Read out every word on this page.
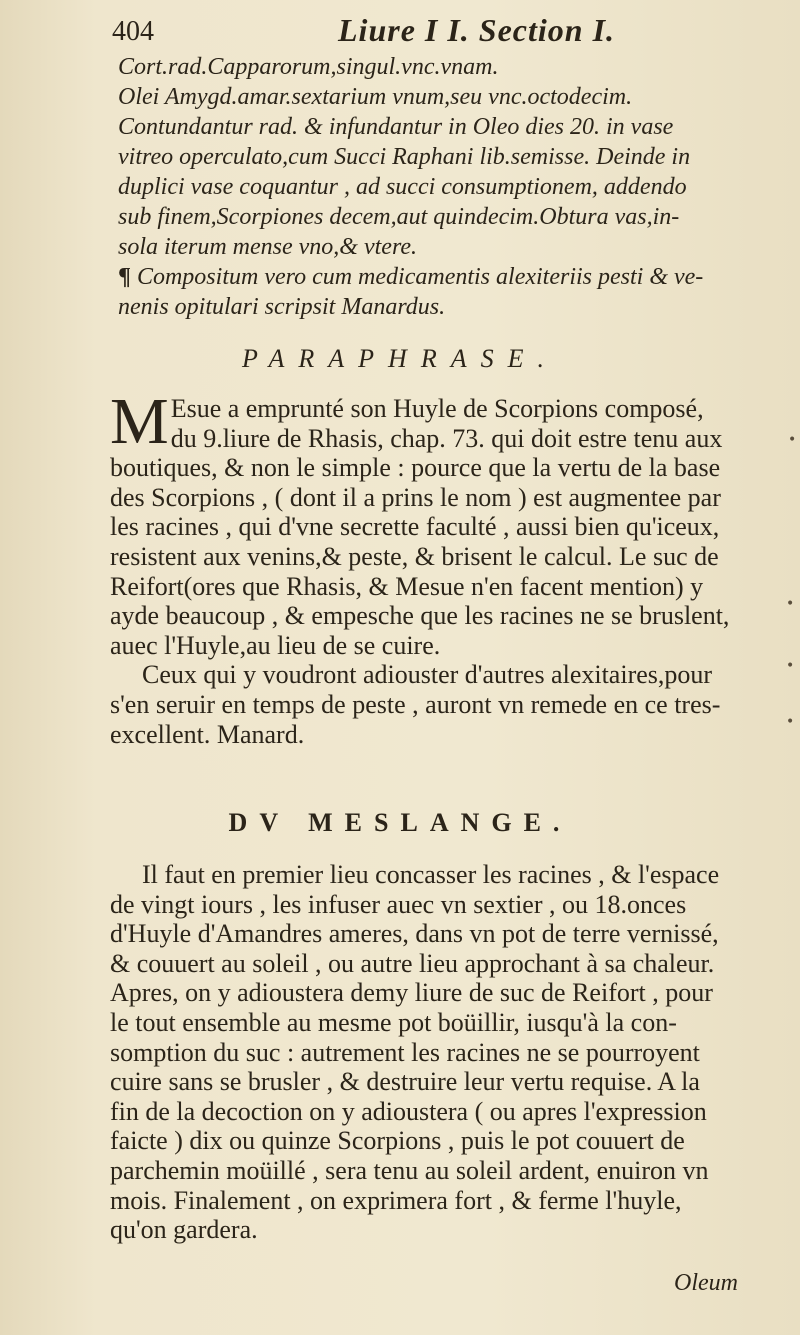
404	Liure I I. Section I.
Cort.rad.Capparorum,singul.vnc.vnam.
Olei Amygd.amar.sextarium vnum,seu vnc.octodecim.
Contundantur rad. & infundantur in Oleo dies 20. in vase
vitreo operculato,cum Succi Raphani lib.semisse. Deinde in
duplici vase coquantur , ad succi consumptionem, addendo
sub finem,Scorpiones decem,aut quindecim.Obtura vas,in-
sola iterum mense vno,& vtere.
¶ Compositum vero cum medicamentis alexiteriis pesti & ve-
nenis opitulari scripsit Manardus.
PARAPHRASE.
M Esue a emprunté son Huyle de Scorpions composé,
du 9.liure de Rhasis, chap. 73. qui doit estre tenu aux
boutiques, & non le simple : pource que la vertu de la base
des Scorpions , ( dont il a prins le nom ) est augmentee par
les racines , qui d'vne secrette faculté , aussi bien qu'iceux,
resistent aux venins,& peste, & brisent le calcul. Le suc de
Reifort(ores que Rhasis, & Mesue n'en facent mention) y
ayde beaucoup , & empesche que les racines ne se bruslent,
auec l'Huyle,au lieu de se cuire.
Ceux qui y voudront adiouster d'autres alexitaires,pour
s'en seruir en temps de peste , auront vn remede en ce tres-
excellent. Manard.
DV MESLANGE.
Il faut en premier lieu concasser les racines , & l'espace
de vingt iours , les infuser auec vn sextier , ou 18.onces
d'Huyle d'Amandres ameres, dans vn pot de terre vernissé,
& couuert au soleil , ou autre lieu approchant à sa chaleur.
Apres, on y adioustera demy liure de suc de Reifort , pour
le tout ensemble au mesme pot boüillir, iusqu'à la con-
somption du suc : autrement les racines ne se pourroyent
cuire sans se brusler , & destruire leur vertu requise. A la
fin de la decoction on y adioustera ( ou apres l'expression
faicte ) dix ou quinze Scorpions , puis le pot couuert de
parchemin moüillé , sera tenu au soleil ardent, enuiron vn
mois. Finalement , on exprimera fort , & ferme l'huyle,
qu'on gardera.
Oleum
•
•
•
•
